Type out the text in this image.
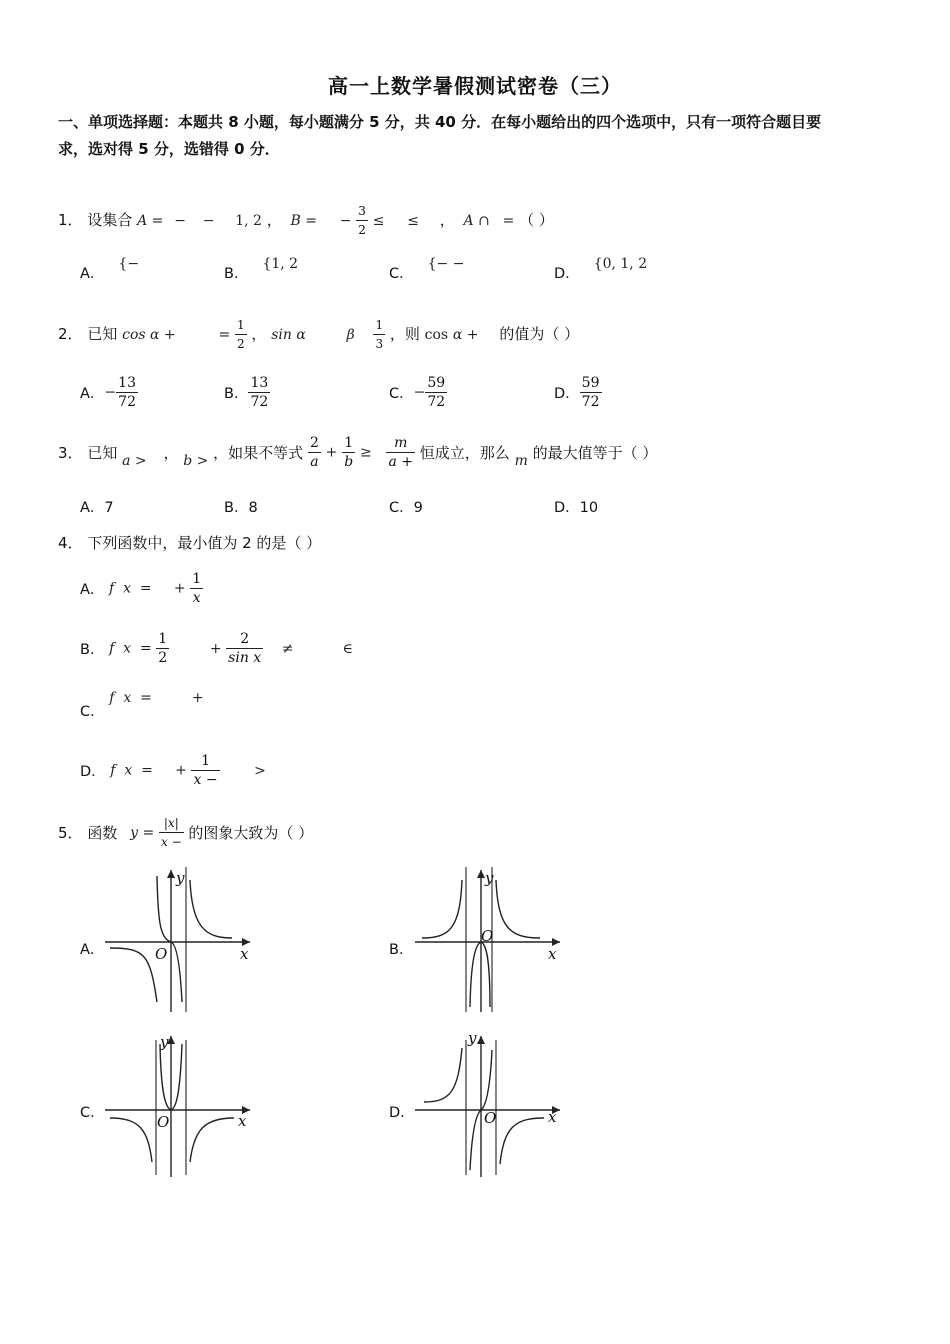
高一上数学暑假测试密卷（三）
一、单项选择题：本题共 8 小题，每小题满分 5 分，共 40 分．在每小题给出的四个选项中，只有一项符合题目要
求，选对得 5 分，选错得 0 分．
1． 设集合 A = − − 1, 2 ， B = − $\frac{3}{2}$ ≤ ≤ ， A ∩ = （ ）
A．{−
B．{1, 2
C．{− −
D．{0, 1, 2
2． 已知 cos α +	= $\frac{1}{2}$ ， sin α	β $\frac{1}{3}$ ，则 cos α + 的值为（ ）
A．− $\frac{13}{72}$	B． $\frac{13}{72}$	C．− $\frac{59}{72}$	D． $\frac{59}{72}$
3． 已知 a > ， b > ，如果不等式 $\frac{2}{a} + \frac{1}{b} \ge \frac{m}{a +}$ 恒成立，那么 m 的最大值等于（ ）
A．7	B．8	C．9	D．10
4． 下列函数中，最小值为 2 的是（ ）
A． f  x  =     + $\frac{1}{x}$
B． f  $x = \frac{1}{2}$	+ $\frac{2}{\text{sin x}}$ ≠           ∈
C． f  x  =         +
D． f  x  =     + $\frac{1}{x -}$ >
5． 函数 $y = \frac{|x|}{x -}$ 的图象大致为（ ）
A．	B．
C．	D．
y
x
O
y
x
O
y
x
O
y
x
O
